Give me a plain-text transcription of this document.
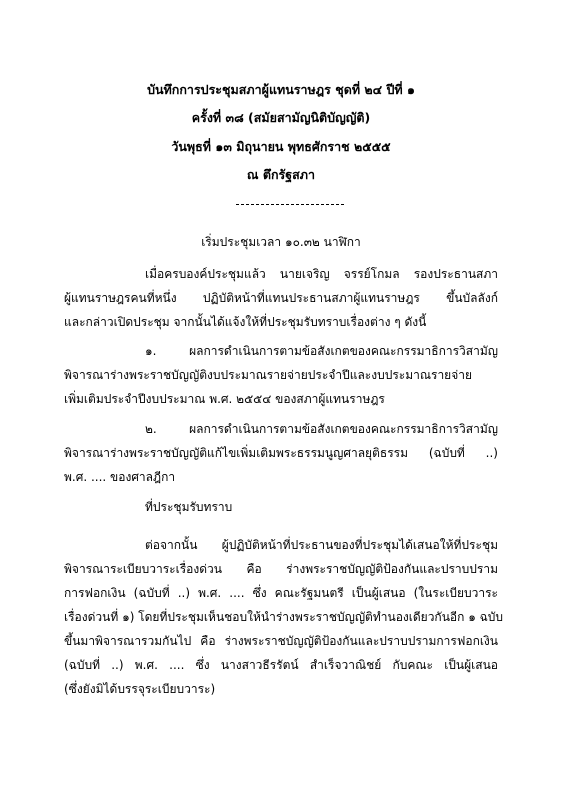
บันทึกการประชุมสภาผู้แทนราษฎร ชุดที่ ๒๔ ปีที่ ๑
ครั้งที่ ๓๘ (สมัยสามัญนิติบัญญัติ)
วันพุธที่ ๑๓ มิถุนายน พุทธศักราช ๒๕๕๕
ณ ตึกรัฐสภา
เริ่มประชุมเวลา ๑๐.๓๒ นาฬิกา
เมื่อครบองค์ประชุมแล้ว นายเจริญ จรรย์โกมล รองประธานสภา
ผู้แทนราษฎรคนที่หนึ่ง ปฏิบัติหน้าที่แทนประธานสภาผู้แทนราษฎร ขึ้นบัลลังก์
และกล่าวเปิดประชุม จากนั้นได้แจ้งให้ที่ประชุมรับทราบเรื่องต่าง ๆ ดังนี้
๑. ผลการดำเนินการตามข้อสังเกตของคณะกรรมาธิการวิสามัญ
พิจารณาร่างพระราชบัญญัติงบประมาณรายจ่ายประจำปีและงบประมาณรายจ่าย
เพิ่มเติมประจำปีงบประมาณ พ.ศ. ๒๕๕๔ ของสภาผู้แทนราษฎร
๒. ผลการดำเนินการตามข้อสังเกตของคณะกรรมาธิการวิสามัญ
พิจารณาร่างพระราชบัญญัติแก้ไขเพิ่มเติมพระธรรมนูญศาลยุติธรรม (ฉบับที่ ..)
พ.ศ. .... ของศาลฎีกา
ที่ประชุมรับทราบ
ต่อจากนั้น ผู้ปฏิบัติหน้าที่ประธานของที่ประชุมได้เสนอให้ที่ประชุม
พิจารณาระเบียบวาระเรื่องด่วน คือ ร่างพระราชบัญญัติป้องกันและปราบปราม
การฟอกเงิน (ฉบับที่ ..) พ.ศ. .... ซึ่ง คณะรัฐมนตรี เป็นผู้เสนอ (ในระเบียบวาระ
เรื่องด่วนที่ ๑) โดยที่ประชุมเห็นชอบให้นำร่างพระราชบัญญัติทำนองเดียวกันอีก ๑ ฉบับ
ขึ้นมาพิจารณารวมกันไป คือ ร่างพระราชบัญญัติป้องกันและปราบปรามการฟอกเงิน
(ฉบับที่ ..) พ.ศ. .... ซึ่ง นางสาวธีรรัตน์ สำเร็จวาณิชย์ กับคณะ เป็นผู้เสนอ
(ซึ่งยังมิได้บรรจุระเบียบวาระ)
